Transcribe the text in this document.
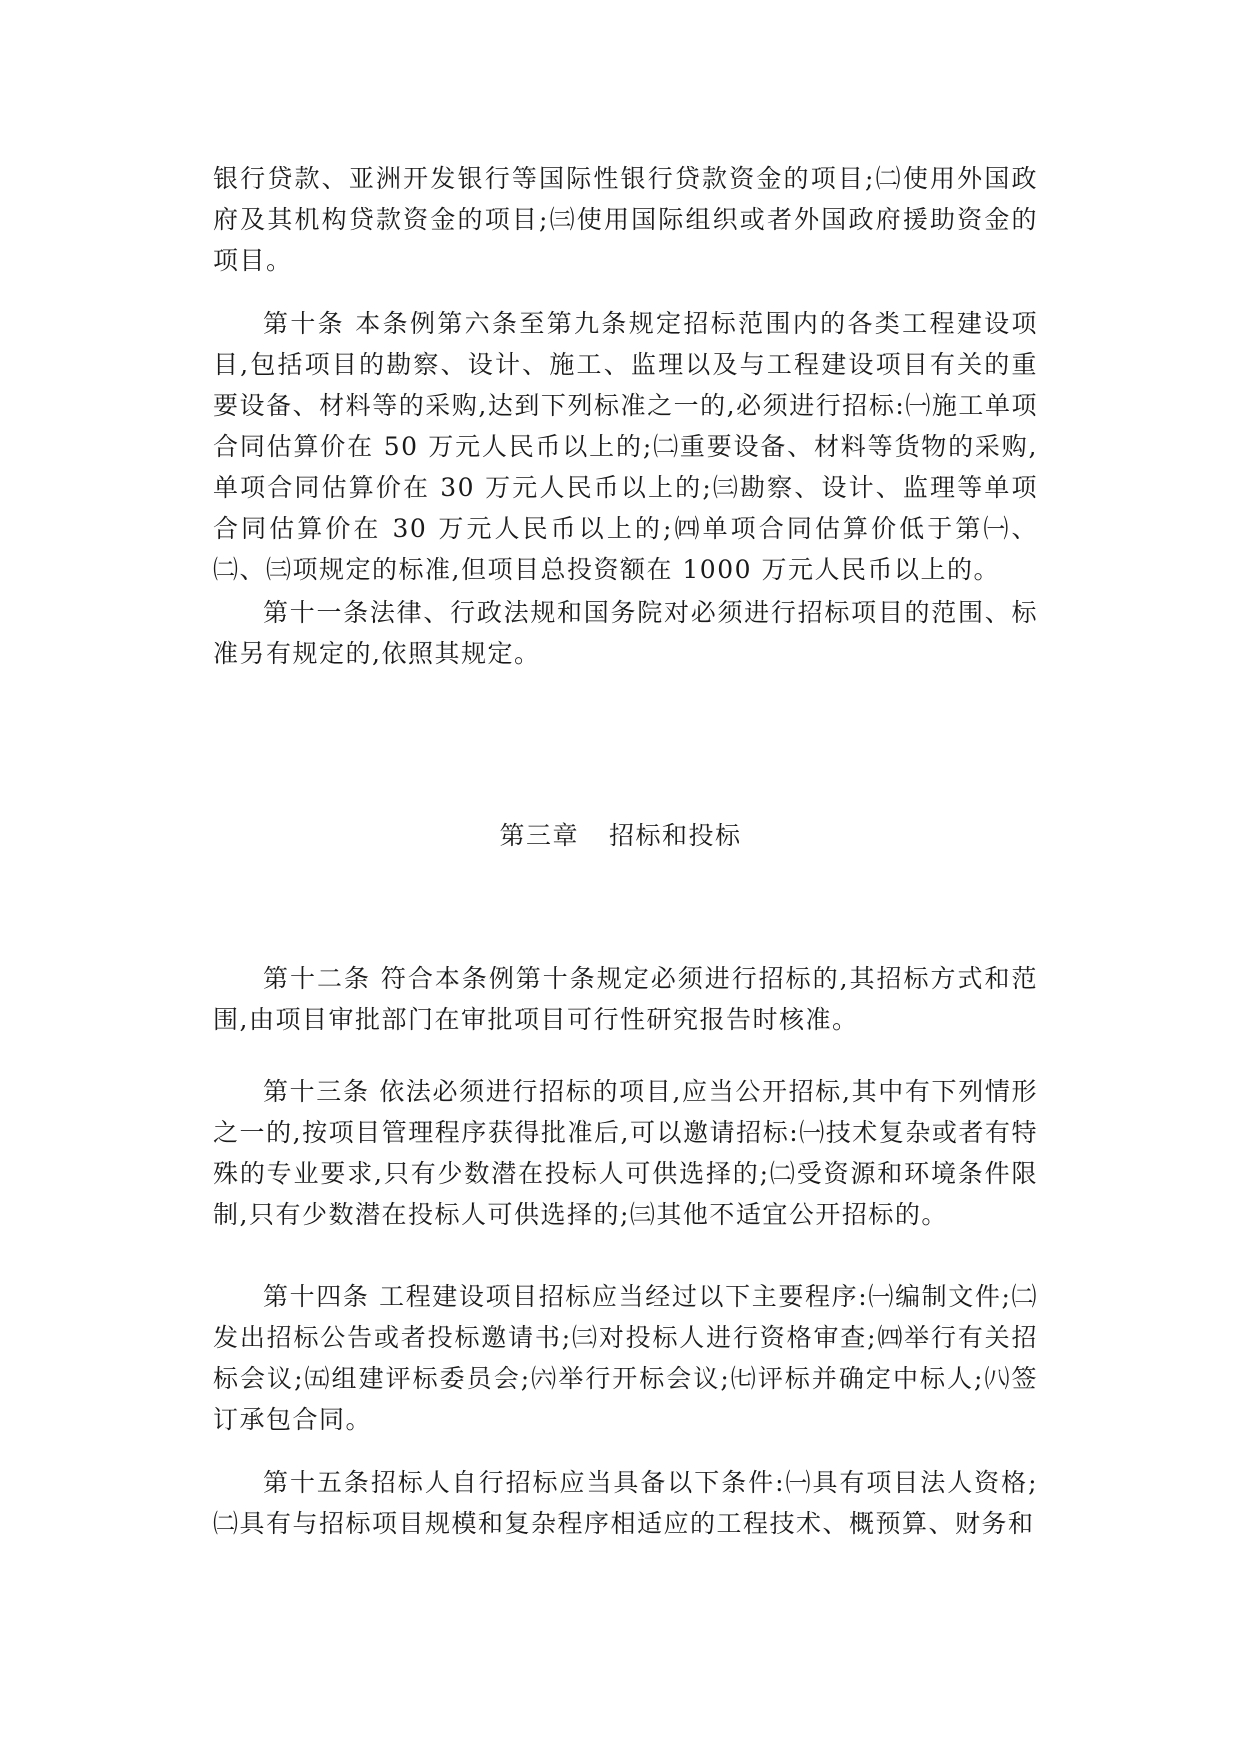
银行贷款、亚洲开发银行等国际性银行贷款资金的项目;㈡使用外国政府及其机构贷款资金的项目;㈢使用国际组织或者外国政府援助资金的项目。

第十条 本条例第六条至第九条规定招标范围内的各类工程建设项目,包括项目的勘察、设计、施工、监理以及与工程建设项目有关的重要设备、材料等的采购,达到下列标准之一的,必须进行招标:㈠施工单项合同估算价在 50 万元人民币以上的;㈡重要设备、材料等货物的采购,单项合同估算价在 30 万元人民币以上的;㈢勘察、设计、监理等单项合同估算价在 30 万元人民币以上的;㈣单项合同估算价低于第㈠、㈡、㈢项规定的标准,但项目总投资额在 1000 万元人民币以上的。

第十一条法律、行政法规和国务院对必须进行招标项目的范围、标准另有规定的,依照其规定。

第三章 招标和投标

第十二条 符合本条例第十条规定必须进行招标的,其招标方式和范围,由项目审批部门在审批项目可行性研究报告时核准。

第十三条 依法必须进行招标的项目,应当公开招标,其中有下列情形之一的,按项目管理程序获得批准后,可以邀请招标:㈠技术复杂或者有特殊的专业要求,只有少数潜在投标人可供选择的;㈡受资源和环境条件限制,只有少数潜在投标人可供选择的;㈢其他不适宜公开招标的。

第十四条 工程建设项目招标应当经过以下主要程序:㈠编制文件;㈡发出招标公告或者投标邀请书;㈢对投标人进行资格审查;㈣举行有关招标会议;㈤组建评标委员会;㈥举行开标会议;㈦评标并确定中标人;㈧签订承包合同。

第十五条招标人自行招标应当具备以下条件:㈠具有项目法人资格;㈡具有与招标项目规模和复杂程序相适应的工程技术、概预算、财务和
